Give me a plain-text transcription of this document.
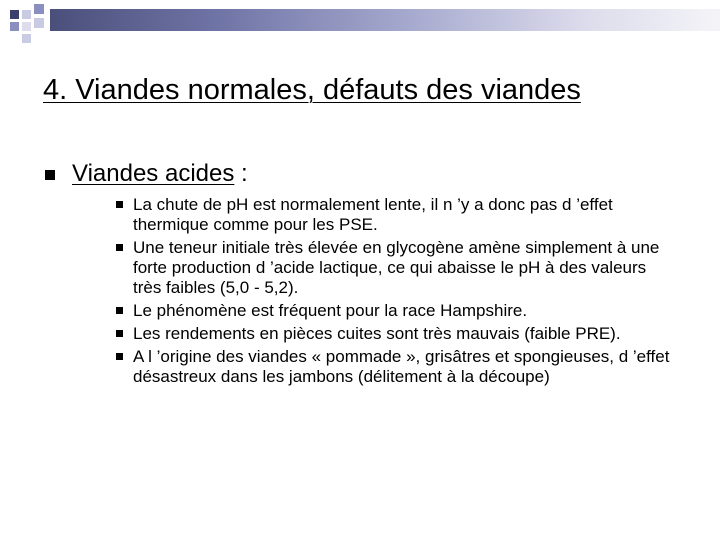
4. Viandes normales, défauts des viandes
Viandes acides :
La chute de pH est normalement lente, il n ’y a donc pas d ’effet thermique comme pour les PSE.
Une teneur initiale très élevée en glycogène amène simplement à une forte production d ’acide lactique, ce qui abaisse le pH à des valeurs très faibles (5,0 - 5,2).
Le phénomène est fréquent pour la race Hampshire.
Les rendements en pièces cuites sont très mauvais (faible PRE).
A l ’origine des viandes « pommade », grisâtres et spongieuses, d ’effet désastreux dans les jambons (délitement à la découpe)
